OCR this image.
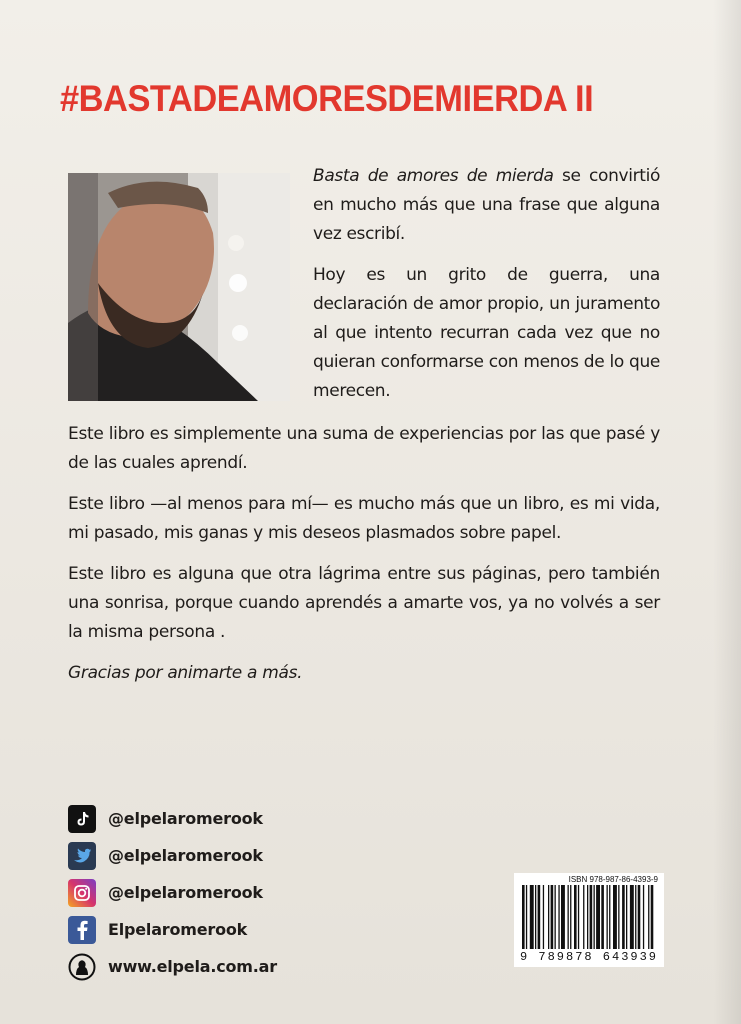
#BASTADEAMORESDEMIERDA II

Basta de amores de mierda se convirtió en mucho más que una frase que alguna vez escribí.

Hoy es un grito de guerra, una declaración de amor propio, un juramento al que intento recurran cada vez que no quieran conformarse con menos de lo que merecen.

Este libro es simplemente una suma de experiencias por las que pasé y de las cuales aprendí.

Este libro —al menos para mí— es mucho más que un libro, es mi vida, mi pasado, mis ganas y mis deseos plasmados sobre papel.

Este libro es alguna que otra lágrima entre sus páginas, pero también una sonrisa, porque cuando aprendés a amarte vos, ya no volvés a ser la misma persona .

Gracias por animarte a más.

@elpelaromerook
@elpelaromerook
@elpelaromerook
Elpelaromerook
www.elpela.com.ar
ISBN 978-987-86-4393-9
9 789878 643939
